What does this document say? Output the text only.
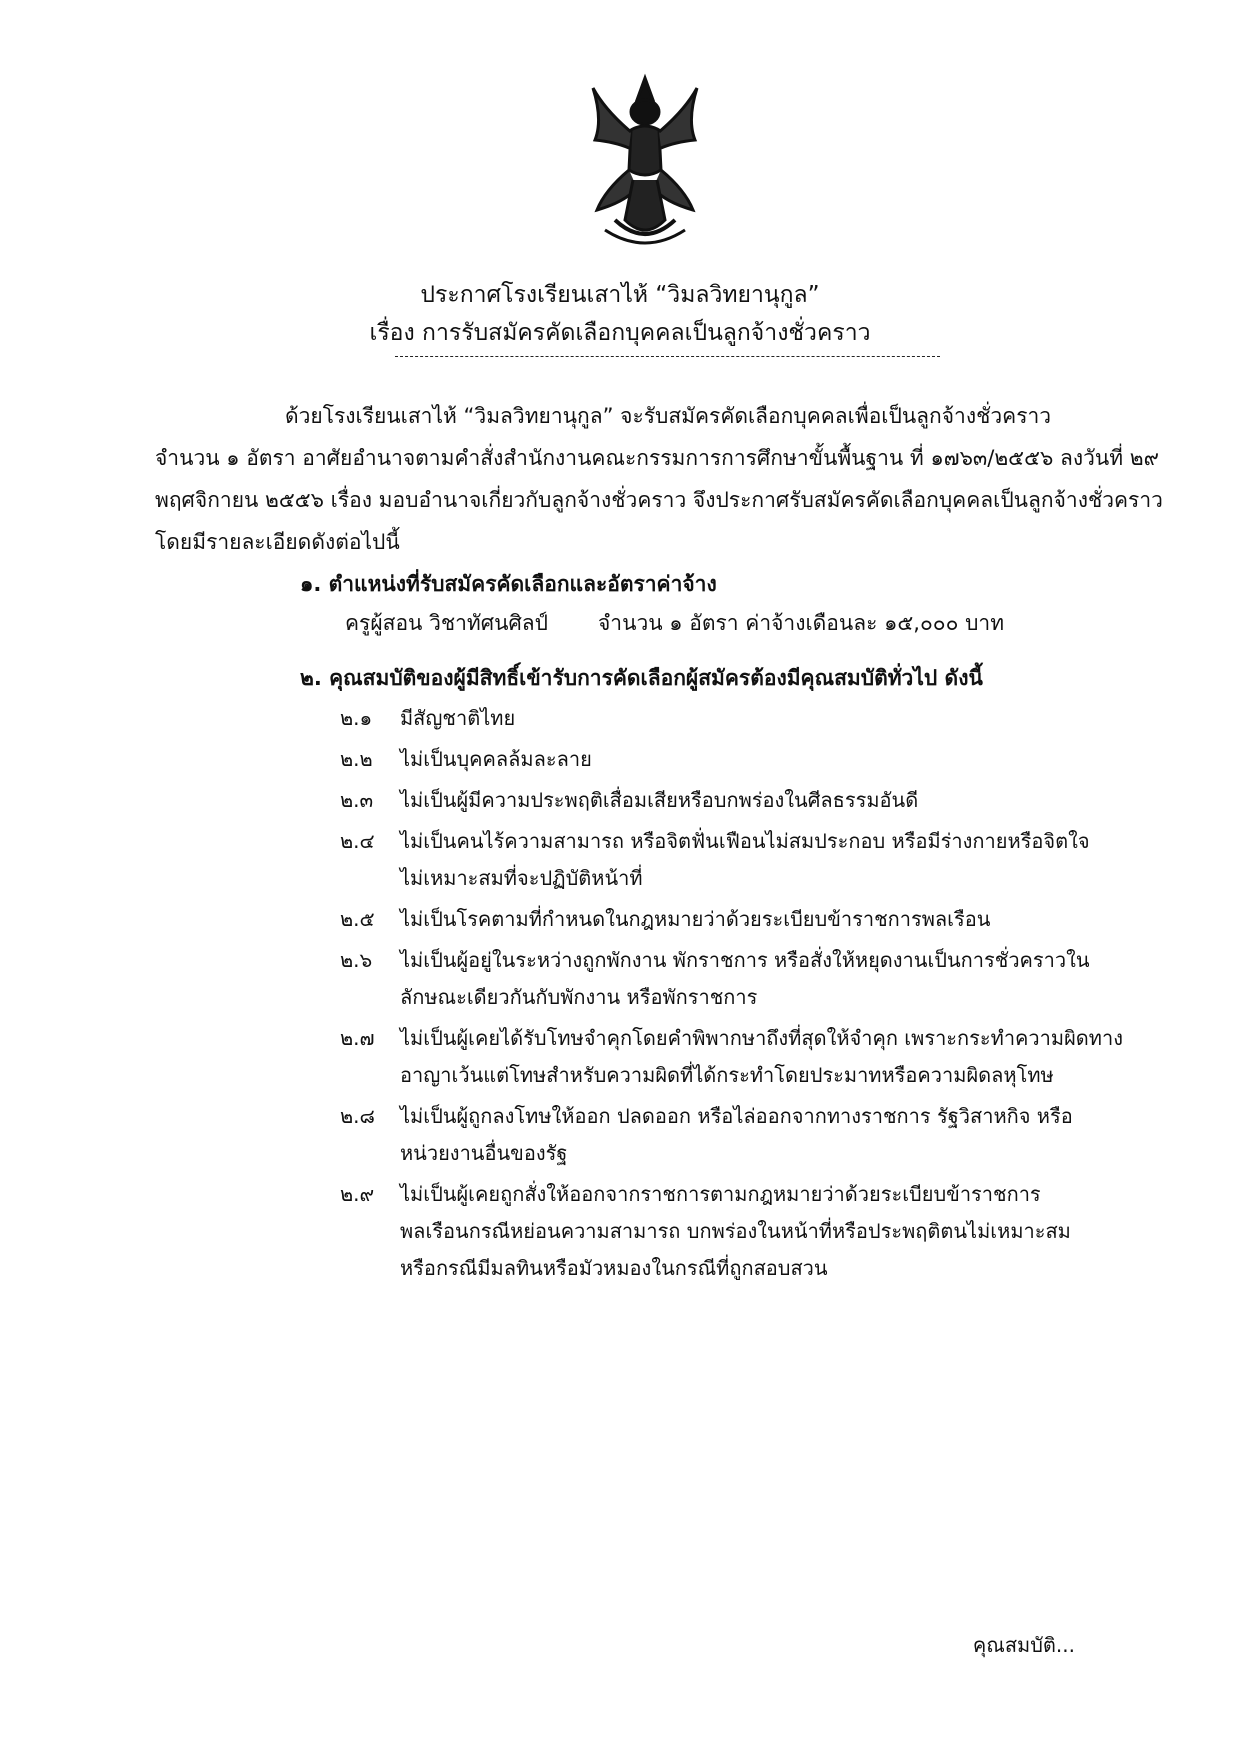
ประกาศโรงเรียนเสาไห้ “วิมลวิทยานุกูล”
เรื่อง การรับสมัครคัดเลือกบุคคลเป็นลูกจ้างชั่วคราว
ด้วยโรงเรียนเสาไห้ “วิมลวิทยานุกูล” จะรับสมัครคัดเลือกบุคคลเพื่อเป็นลูกจ้างชั่วคราว
จำนวน ๑ อัตรา อาศัยอำนาจตามคำสั่งสำนักงานคณะกรรมการการศึกษาขั้นพื้นฐาน ที่ ๑๗๖๓/๒๕๕๖ ลงวันที่ ๒๙
พฤศจิกายน ๒๕๕๖ เรื่อง มอบอำนาจเกี่ยวกับลูกจ้างชั่วคราว จึงประกาศรับสมัครคัดเลือกบุคคลเป็นลูกจ้างชั่วคราว
โดยมีรายละเอียดดังต่อไปนี้
๑. ตำแหน่งที่รับสมัครคัดเลือกและอัตราค่าจ้าง
ครูผู้สอน วิชาทัศนศิลป์ จำนวน ๑ อัตรา ค่าจ้างเดือนละ ๑๕,๐๐๐ บาท
๒. คุณสมบัติของผู้มีสิทธิ์เข้ารับการคัดเลือกผู้สมัครต้องมีคุณสมบัติทั่วไป ดังนี้
๒.๑ มีสัญชาติไทย
๒.๒ ไม่เป็นบุคคลล้มละลาย
๒.๓ ไม่เป็นผู้มีความประพฤติเสื่อมเสียหรือบกพร่องในศีลธรรมอันดี
๒.๔ ไม่เป็นคนไร้ความสามารถ หรือจิตฟั่นเฟือนไม่สมประกอบ หรือมีร่างกายหรือจิตใจ
ไม่เหมาะสมที่จะปฏิบัติหน้าที่
๒.๕ ไม่เป็นโรคตามที่กำหนดในกฎหมายว่าด้วยระเบียบข้าราชการพลเรือน
๒.๖ ไม่เป็นผู้อยู่ในระหว่างถูกพักงาน พักราชการ หรือสั่งให้หยุดงานเป็นการชั่วคราวใน
ลักษณะเดียวกันกับพักงาน หรือพักราชการ
๒.๗ ไม่เป็นผู้เคยได้รับโทษจำคุกโดยคำพิพากษาถึงที่สุดให้จำคุก เพราะกระทำความผิดทาง
อาญาเว้นแต่โทษสำหรับความผิดที่ได้กระทำโดยประมาทหรือความผิดลหุโทษ
๒.๘ ไม่เป็นผู้ถูกลงโทษให้ออก ปลดออก หรือไล่ออกจากทางราชการ รัฐวิสาหกิจ หรือ
หน่วยงานอื่นของรัฐ
๒.๙ ไม่เป็นผู้เคยถูกสั่งให้ออกจากราชการตามกฎหมายว่าด้วยระเบียบข้าราชการ
พลเรือนกรณีหย่อนความสามารถ บกพร่องในหน้าที่หรือประพฤติตนไม่เหมาะสม
หรือกรณีมีมลทินหรือมัวหมองในกรณีที่ถูกสอบสวน
คุณสมบัติ...
